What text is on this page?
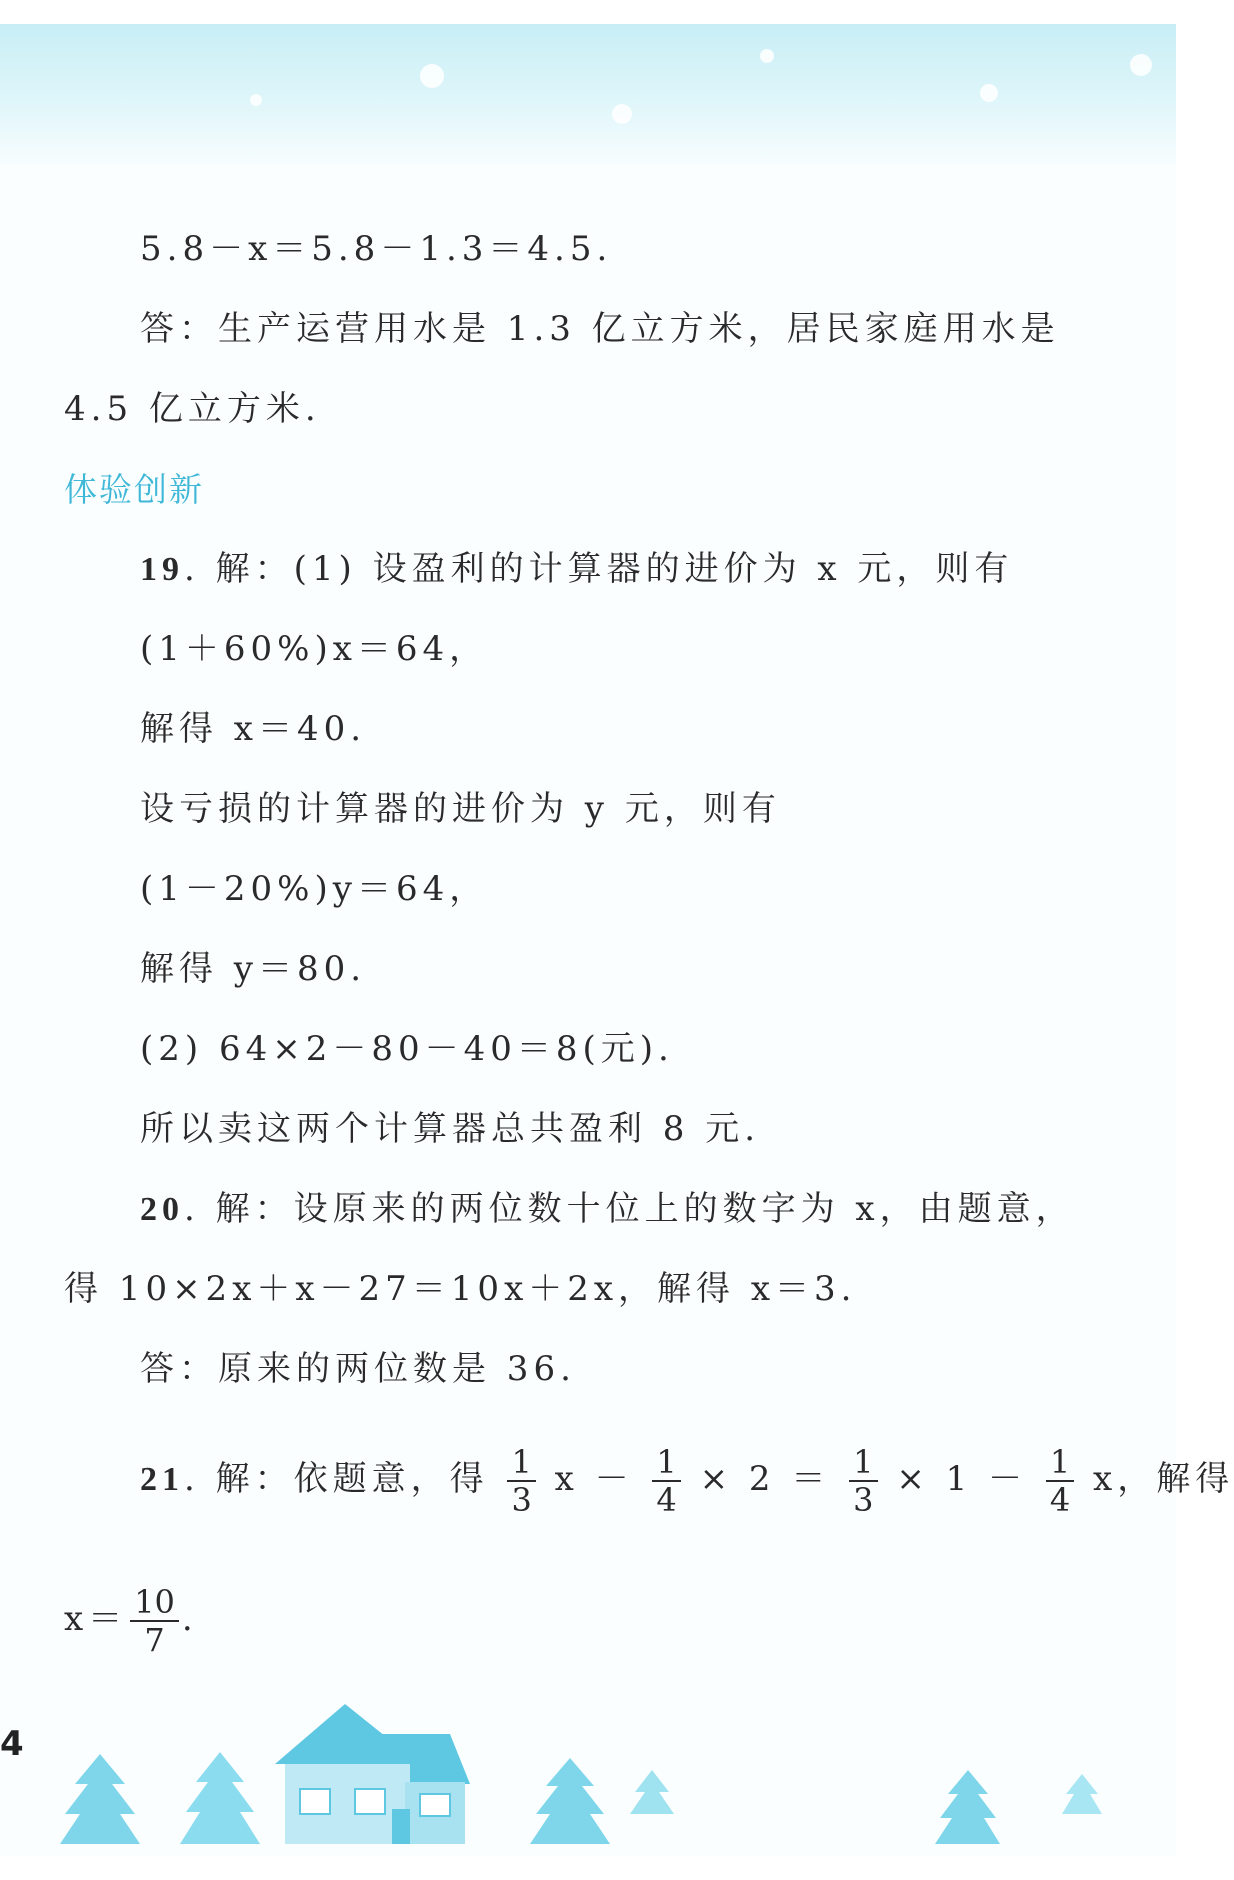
5.8－x＝5.8－1.3＝4.5.
答：生产运营用水是 1.3 亿立方米，居民家庭用水是
4.5 亿立方米.
体验创新
19. 解：(1) 设盈利的计算器的进价为 x 元，则有
(1＋60%)x＝64，
解得 x＝40.
设亏损的计算器的进价为 y 元，则有
(1－20%)y＝64，
解得 y＝80.
(2) 64×2－80－40＝8(元).
所以卖这两个计算器总共盈利 8 元.
20. 解：设原来的两位数十位上的数字为 x，由题意，
得 10×2x＋x－27＝10x＋2x，解得 x＝3.
答：原来的两位数是 36.
21. 解：依题意，得 $\frac{1}{3}$ $x - \frac{1}{4} \times 2 = \frac{1}{3} \times 1 - \frac{1}{4}$ x，解得
$x= \frac{10}{7}$ .
4
